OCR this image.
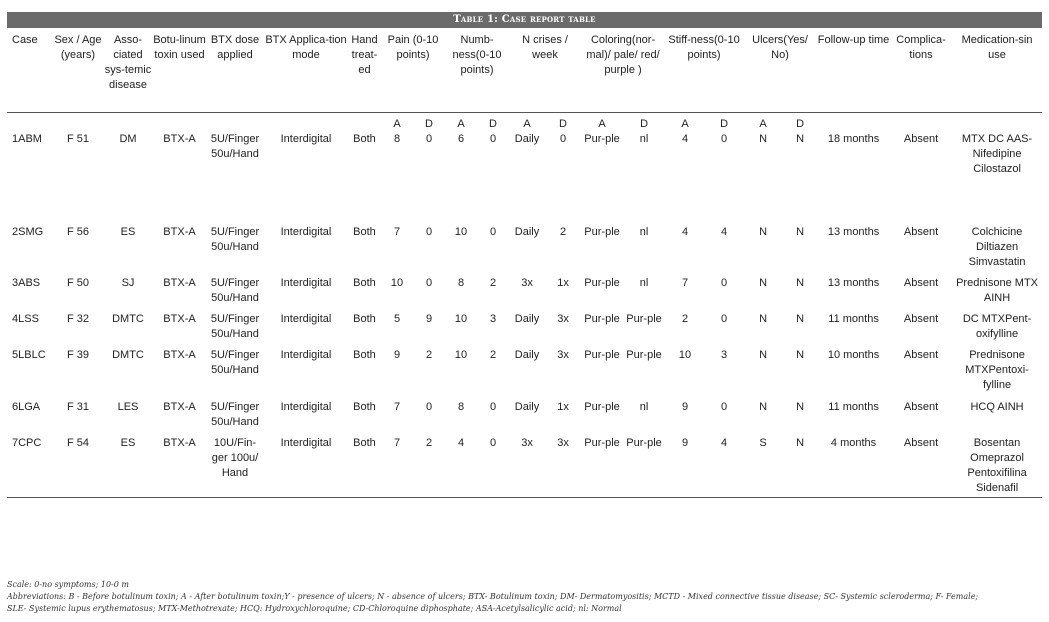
Table 1: Case report table
Case	Sex / Age (years)	Asso-ciated sys-temic disease	Botu-linum toxin used	BTX dose applied	BTX Applica-tion mode	Hand treat-ed	Pain (0-10 points)		Numb-ness(0-10 points)		N crises / week		Coloring(nor-mal)/ pale/ red/ purple )		Stiff-ness(0-10 points)		Ulcers(Yes/ No)		Follow-up time	Complica-tions	Medication-sin use
							A	D	A	D	A	D	A	D	A	D	A	D			
1ABM	F 51	DM	BTX-A	5U/Finger 50u/Hand	Interdigital	Both	8	0	6	0	Daily	0	Pur-ple	nl	4	0	N	N	18 months	Absent	MTX DC AAS-Nifedipine Cilostazol
2SMG	F 56	ES	BTX-A	5U/Finger 50u/Hand	Interdigital	Both	7	0	10	0	Daily	2	Pur-ple	nl	4	4	N	N	13 months	Absent	Colchicine Diltiazen Simvastatin
3ABS	F 50	SJ	BTX-A	5U/Finger 50u/Hand	Interdigital	Both	10	0	8	2	3x	1x	Pur-ple	nl	7	0	N	N	13 months	Absent	Prednisone MTX AINH
4LSS	F 32	DMTC	BTX-A	5U/Finger 50u/Hand	Interdigital	Both	5	9	10	3	Daily	3x	Pur-ple	Pur-ple	2	0	N	N	11 months	Absent	DC MTXPent-oxifylline
5LBLC	F 39	DMTC	BTX-A	5U/Finger 50u/Hand	Interdigital	Both	9	2	10	2	Daily	3x	Pur-ple	Pur-ple	10	3	N	N	10 months	Absent	Prednisone MTXPentoxi-fylline
6LGA	F 31	LES	BTX-A	5U/Finger 50u/Hand	Interdigital	Both	7	0	8	0	Daily	1x	Pur-ple	nl	9	0	N	N	11 months	Absent	HCQ AINH
7CPC	F 54	ES	BTX-A	10U/Fin-ger 100u/ Hand	Interdigital	Both	7	2	4	0	3x	3x	Pur-ple	Pur-ple	9	4	S	N	4 months	Absent	Bosentan Omeprazol Pentoxifilina Sidenafil
Scale: 0-no symptoms; 10-0 m
Abbreviations: B - Before botulinum toxin; A - After botulinum toxin;Y - presence of ulcers; N - absence of ulcers; BTX- Botulinum toxin; DM- Dermatomyositis; MCTD - Mixed connective tissue disease; SC- Systemic scleroderma; F- Female;
SLE- Systemic lupus erythematosus; MTX-Methotrexate; HCQ: Hydroxychloroquine; CD-Chloroquine diphosphate; ASA-Acetylsalicylic acid; nl: Normal
